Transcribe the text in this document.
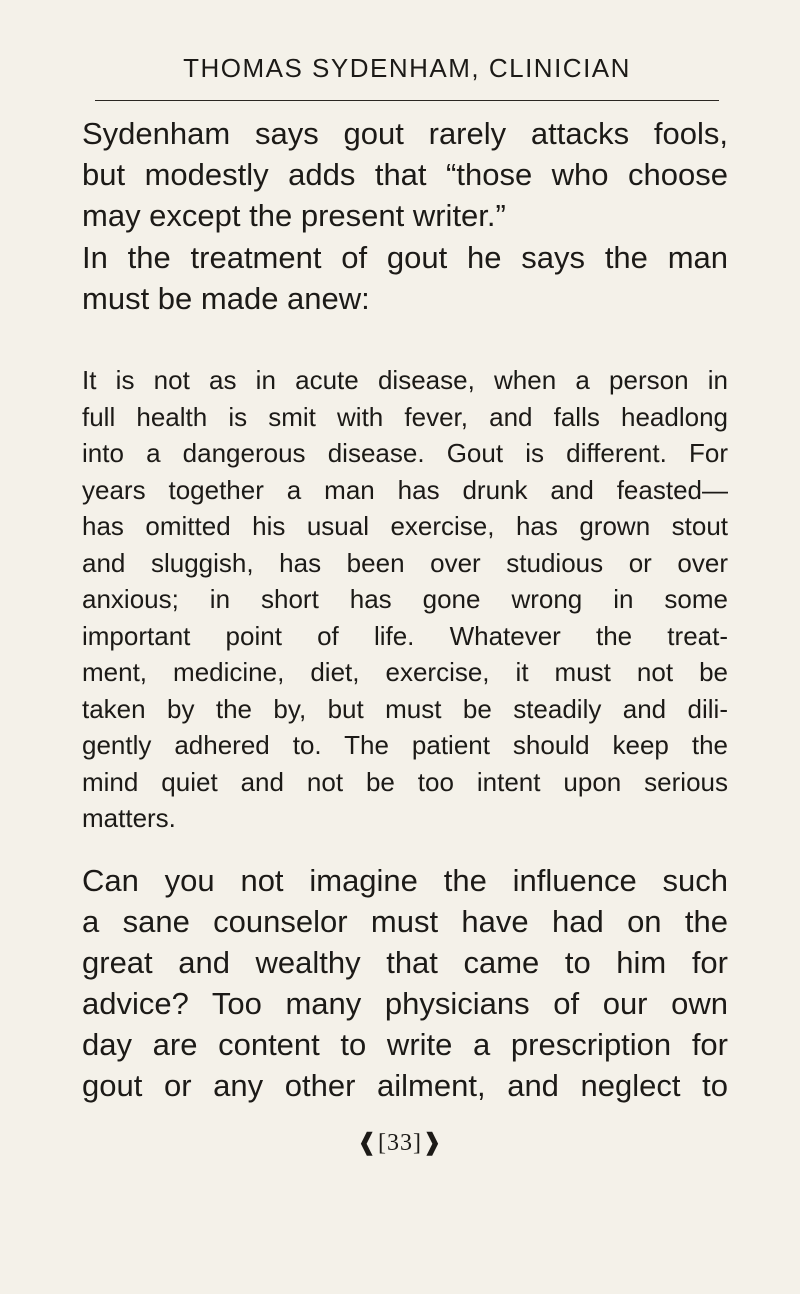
THOMAS SYDENHAM, CLINICIAN

Sydenham says gout rarely attacks fools,
but modestly adds that “those who choose
may except the present writer.”

In the treatment of gout he says the man
must be made anew:

It is not as in acute disease, when a person in
full health is smit with fever, and falls headlong
into a dangerous disease. Gout is different. For
years together a man has drunk and feasted—
has omitted his usual exercise, has grown stout
and sluggish, has been over studious or over
anxious; in short has gone wrong in some
important point of life. Whatever the treat-
ment, medicine, diet, exercise, it must not be
taken by the by, but must be steadily and dili-
gently adhered to. The patient should keep the
mind quiet and not be too intent upon serious
matters.

Can you not imagine the influence such
a sane counselor must have had on the
great and wealthy that came to him for
advice? Too many physicians of our own
day are content to write a prescription for
gout or any other ailment, and neglect to

❰[33]❱
